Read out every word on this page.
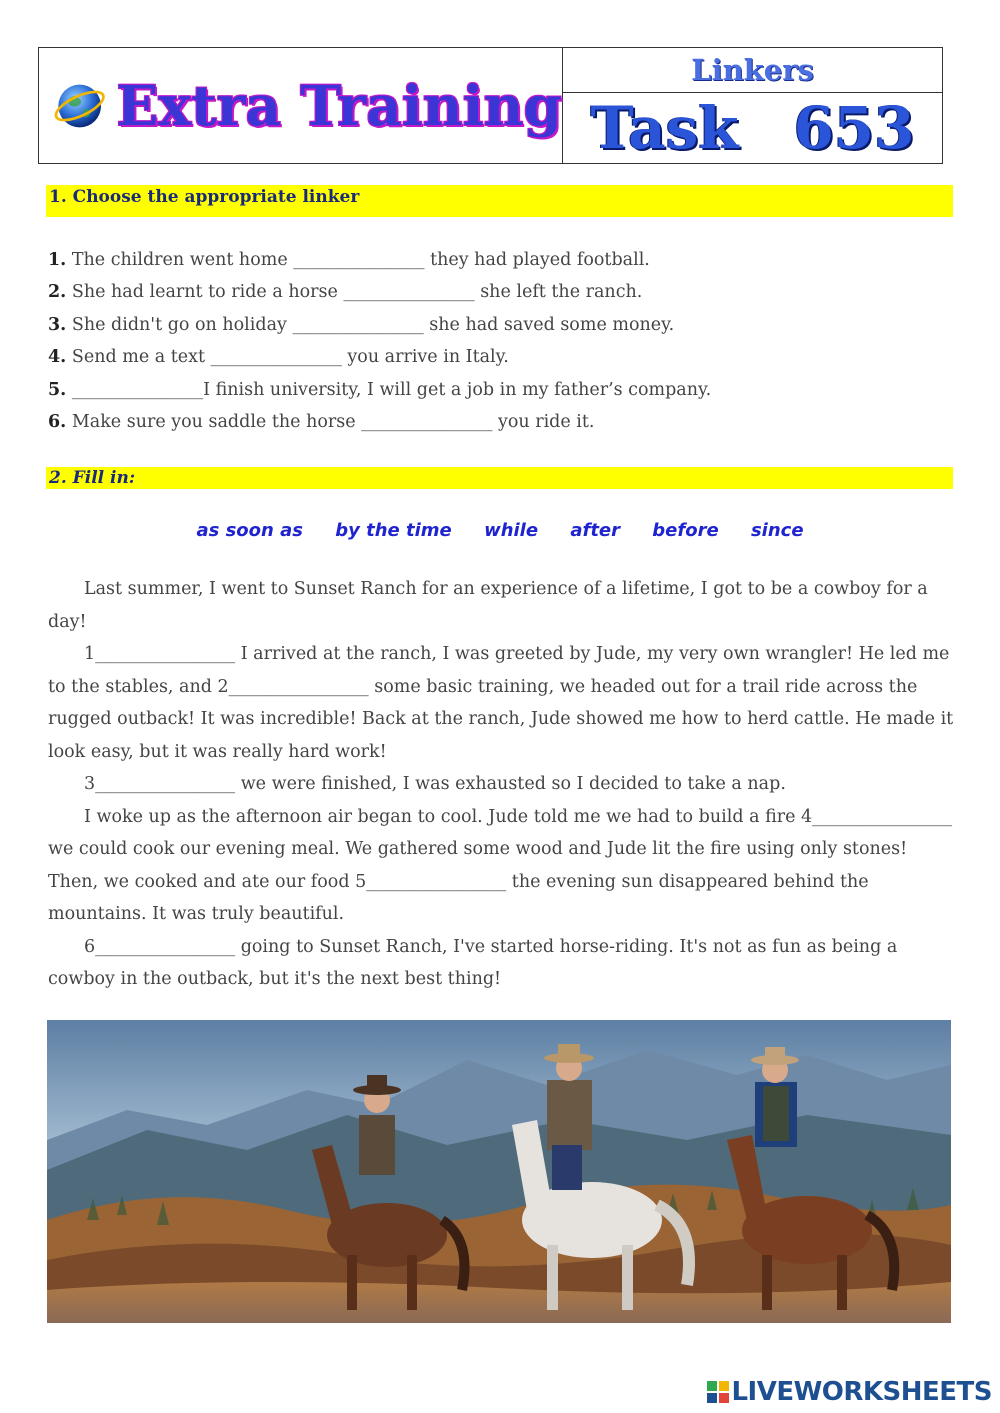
Extra Training
Linkers
Task 653
1. Choose the appropriate linker
1. The children went home _______________ they had played football.
2. She had learnt to ride a horse _______________ she left the ranch.
3. She didn't go on holiday _______________ she had saved some money.
4. Send me a text _______________ you arrive in Italy.
5. _______________I finish university, I will get a job in my father’s company.
6. Make sure you saddle the horse _______________ you ride it.
2. Fill in:
as soon as by the time while after before since

Last summer, I went to Sunset Ranch for an experience of a lifetime, I got to be a cowboy for a day!

1________________ I arrived at the ranch, I was greeted by Jude, my very own wrangler! He led me to the stables, and 2________________ some basic training, we headed out for a trail ride across the rugged outback! It was incredible! Back at the ranch, Jude showed me how to herd cattle. He made it look easy, but it was really hard work!

3________________ we were finished, I was exhausted so I decided to take a nap.

I woke up as the afternoon air began to cool. Jude told me we had to build a fire 4________________ we could cook our evening meal. We gathered some wood and Jude lit the fire using only stones! Then, we cooked and ate our food 5________________ the evening sun disappeared behind the mountains. It was truly beautiful.

6________________ going to Sunset Ranch, I've started horse-riding. It's not as fun as being a cowboy in the outback, but it's the next best thing!

LIVEWORKSHEETS
